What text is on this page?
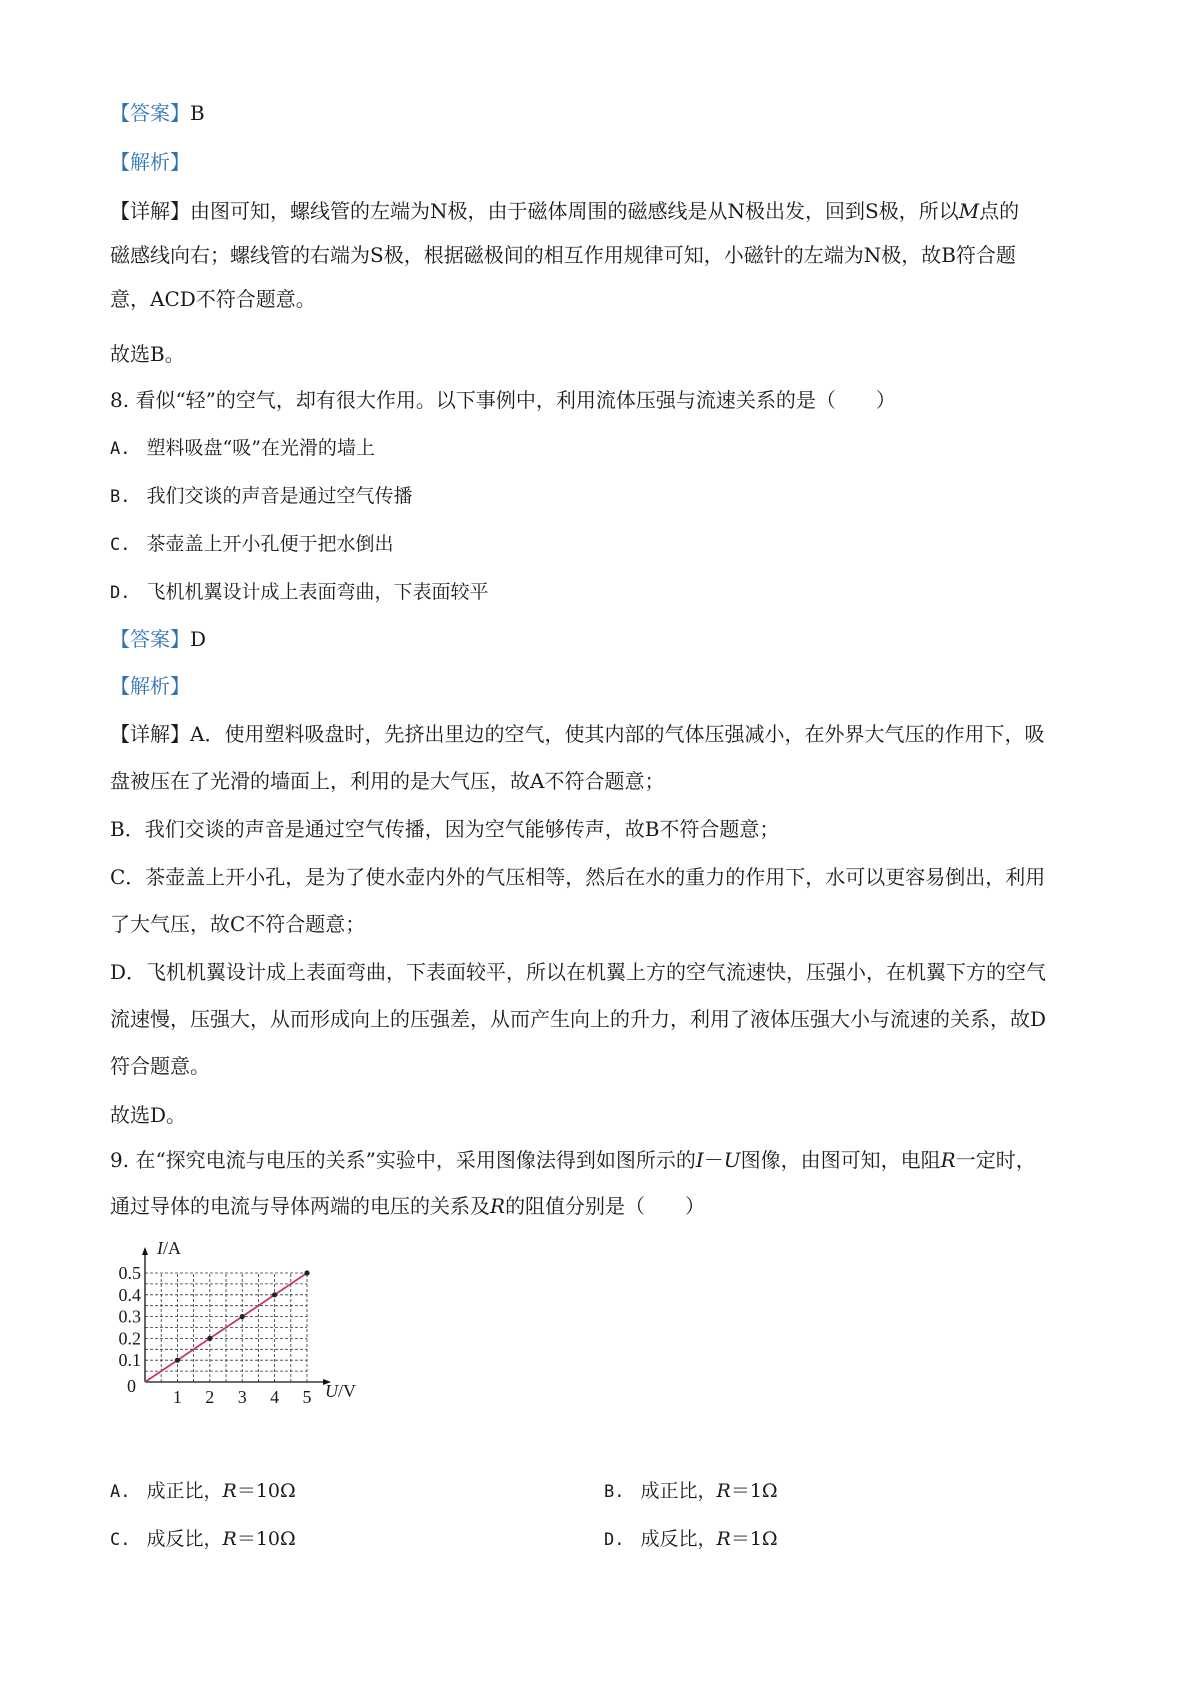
【答案】B
【解析】
【详解】由图可知，螺线管的左端为N极，由于磁体周围的磁感线是从N极出发，回到S极，所以M点的
磁感线向右；螺线管的右端为S极，根据磁极间的相互作用规律可知，小磁针的左端为N极，故B符合题
意，ACD不符合题意。
故选B。
8. 看似“轻”的空气，却有很大作用。以下事例中，利用流体压强与流速关系的是（　　）
A. 塑料吸盘“吸”在光滑的墙上
B. 我们交谈的声音是通过空气传播
C. 茶壶盖上开小孔便于把水倒出
D. 飞机机翼设计成上表面弯曲，下表面较平
【答案】D
【解析】
【详解】A．使用塑料吸盘时，先挤出里边的空气，使其内部的气体压强减小，在外界大气压的作用下，吸
盘被压在了光滑的墙面上，利用的是大气压，故A不符合题意；
B．我们交谈的声音是通过空气传播，因为空气能够传声，故B不符合题意；
C．茶壶盖上开小孔，是为了使水壶内外的气压相等，然后在水的重力的作用下，水可以更容易倒出，利用
了大气压，故C不符合题意；
D．飞机机翼设计成上表面弯曲，下表面较平，所以在机翼上方的空气流速快，压强小，在机翼下方的空气
流速慢，压强大，从而形成向上的压强差，从而产生向上的升力，利用了液体压强大小与流速的关系，故D
符合题意。
故选D。
9. 在“探究电流与电压的关系”实验中，采用图像法得到如图所示的I－U图像，由图可知，电阻R一定时，
通过导体的电流与导体两端的电压的关系及R的阻值分别是（　　）
1 2 3 4 5
0.1
0.2
0.3
0.4
0.5
I/A
U/V
0
A. 成正比，R＝10Ω	B. 成正比，R＝1Ω
C. 成反比，R＝10Ω	D. 成反比，R＝1Ω
